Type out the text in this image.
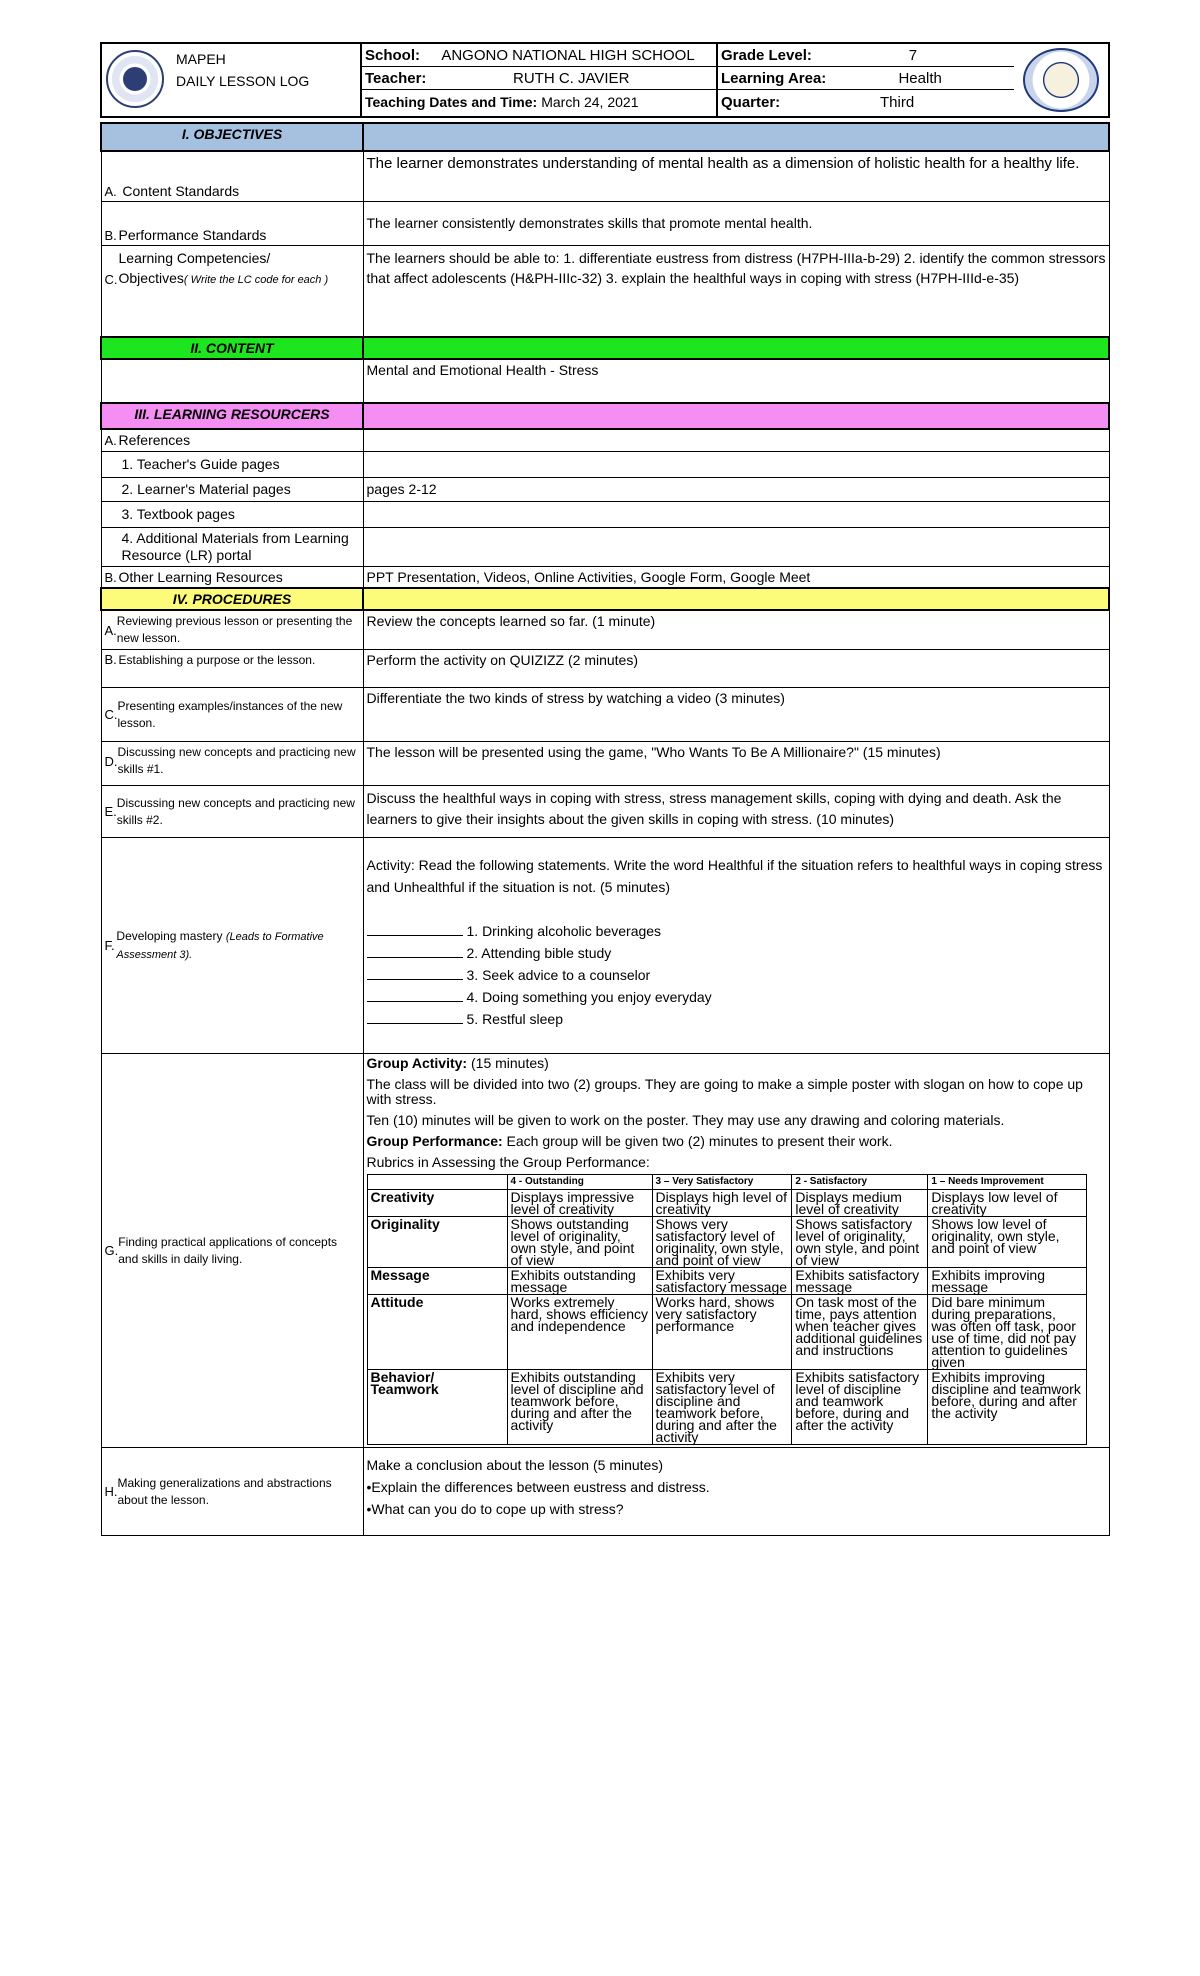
MAPEH
DAILY LESSON LOG
School:	ANGONO NATIONAL HIGH SCHOOL
Teacher:	RUTH C. JAVIER
Teaching Dates and Time: March 24, 2021
Grade Level:	7
Learning Area:	Health
Quarter:	Third
I. OBJECTIVES	
A. Content Standards	The learner demonstrates understanding of mental health as a dimension of holistic health for a healthy life.
B. Performance Standards	The learner consistently demonstrates skills that promote mental health.

C.
Learning Competencies/
Objectives( Write the LC code for each )
	The learners should be able to: 1. differentiate eustress from distress (H7PH-IIIa-b-29) 2. identify the common stressors that affect adolescents (H&PH-IIIc-32) 3. explain the healthful ways in coping with stress (H7PH-IIId-e-35)
II. CONTENT	
	Mental and Emotional Health - Stress
III. LEARNING RESOURCERS	
A. References	
1. Teacher's Guide pages	
2. Learner's Material pages	pages 2-12
3. Textbook pages	
4. Additional Materials from Learning Resource (LR) portal	
B. Other Learning Resources	PPT Presentation, Videos, Online Activities, Google Form, Google Meet
IV. PROCEDURES	

A.
Reviewing previous lesson or presenting the new lesson.
	Review the concepts learned so far. (1 minute)
B. Establishing a purpose or the lesson.	Perform the activity on QUIZIZZ (2 minutes)

C.
Presenting examples/instances of the new lesson.
	Differentiate the two kinds of stress by watching a video (3 minutes)

D.
Discussing new concepts and practicing new skills #1.
	The lesson will be presented using the game, "Who Wants To Be A Millionaire?" (15 minutes)

E.
Discussing new concepts and practicing new skills #2.
	Discuss the healthful ways in coping with stress, stress management skills, coping with dying and death. Ask the learners to give their insights about the given skills in coping with stress. (10 minutes)

F.
Developing mastery (Leads to Formative Assessment 3).

Activity: Read the following statements. Write the word Healthful if the situation refers to healthful ways in coping stress and Unhealthful if the situation is not. (5 minutes)
1. Drinking alcoholic beverages
2. Attending bible study
3. Seek advice to a counselor
4. Doing something you enjoy everyday
5. Restful sleep

G.
Finding practical applications of concepts and skills in daily living.

Group Activity: (15 minutes)

The class will be divided into two (2) groups. They are going to make a simple poster with slogan on how to cope up with stress.

Ten (10) minutes will be given to work on the poster. They may use any drawing and coloring materials.

Group Performance: Each group will be given two (2) minutes to present their work.

Rubrics in Assessing the Group Performance:

	4 - Outstanding	3 – Very Satisfactory	2 - Satisfactory	1 – Needs Improvement
Creativity	Displays impressive level of creativity	Displays high level of creativity	Displays medium level of creativity	Displays low level of creativity
Originality	Shows outstanding level of originality, own style, and point of view	Shows very satisfactory level of originality, own style, and point of view	Shows satisfactory level of originality, own style, and point of view	Shows low level of originality, own style, and point of view
Message	Exhibits outstanding message	Exhibits very satisfactory message	Exhibits satisfactory message	Exhibits improving message
Attitude	Works extremely hard, shows efficiency and independence	Works hard, shows very satisfactory performance	On task most of the time, pays attention when teacher gives additional guidelines and instructions	Did bare minimum during preparations, was often off task, poor use of time, did not pay attention to guidelines given
Behavior/ Teamwork	Exhibits outstanding level of discipline and teamwork before, during and after the activity	Exhibits very satisfactory level of discipline and teamwork before, during and after the activity	Exhibits satisfactory level of discipline and teamwork before, during and after the activity	Exhibits improving discipline and teamwork before, during and after the activity

H.
Making generalizations and abstractions about the lesson.

Make a conclusion about the lesson (5 minutes)
•Explain the differences between eustress and distress.
•What can you do to cope up with stress?
